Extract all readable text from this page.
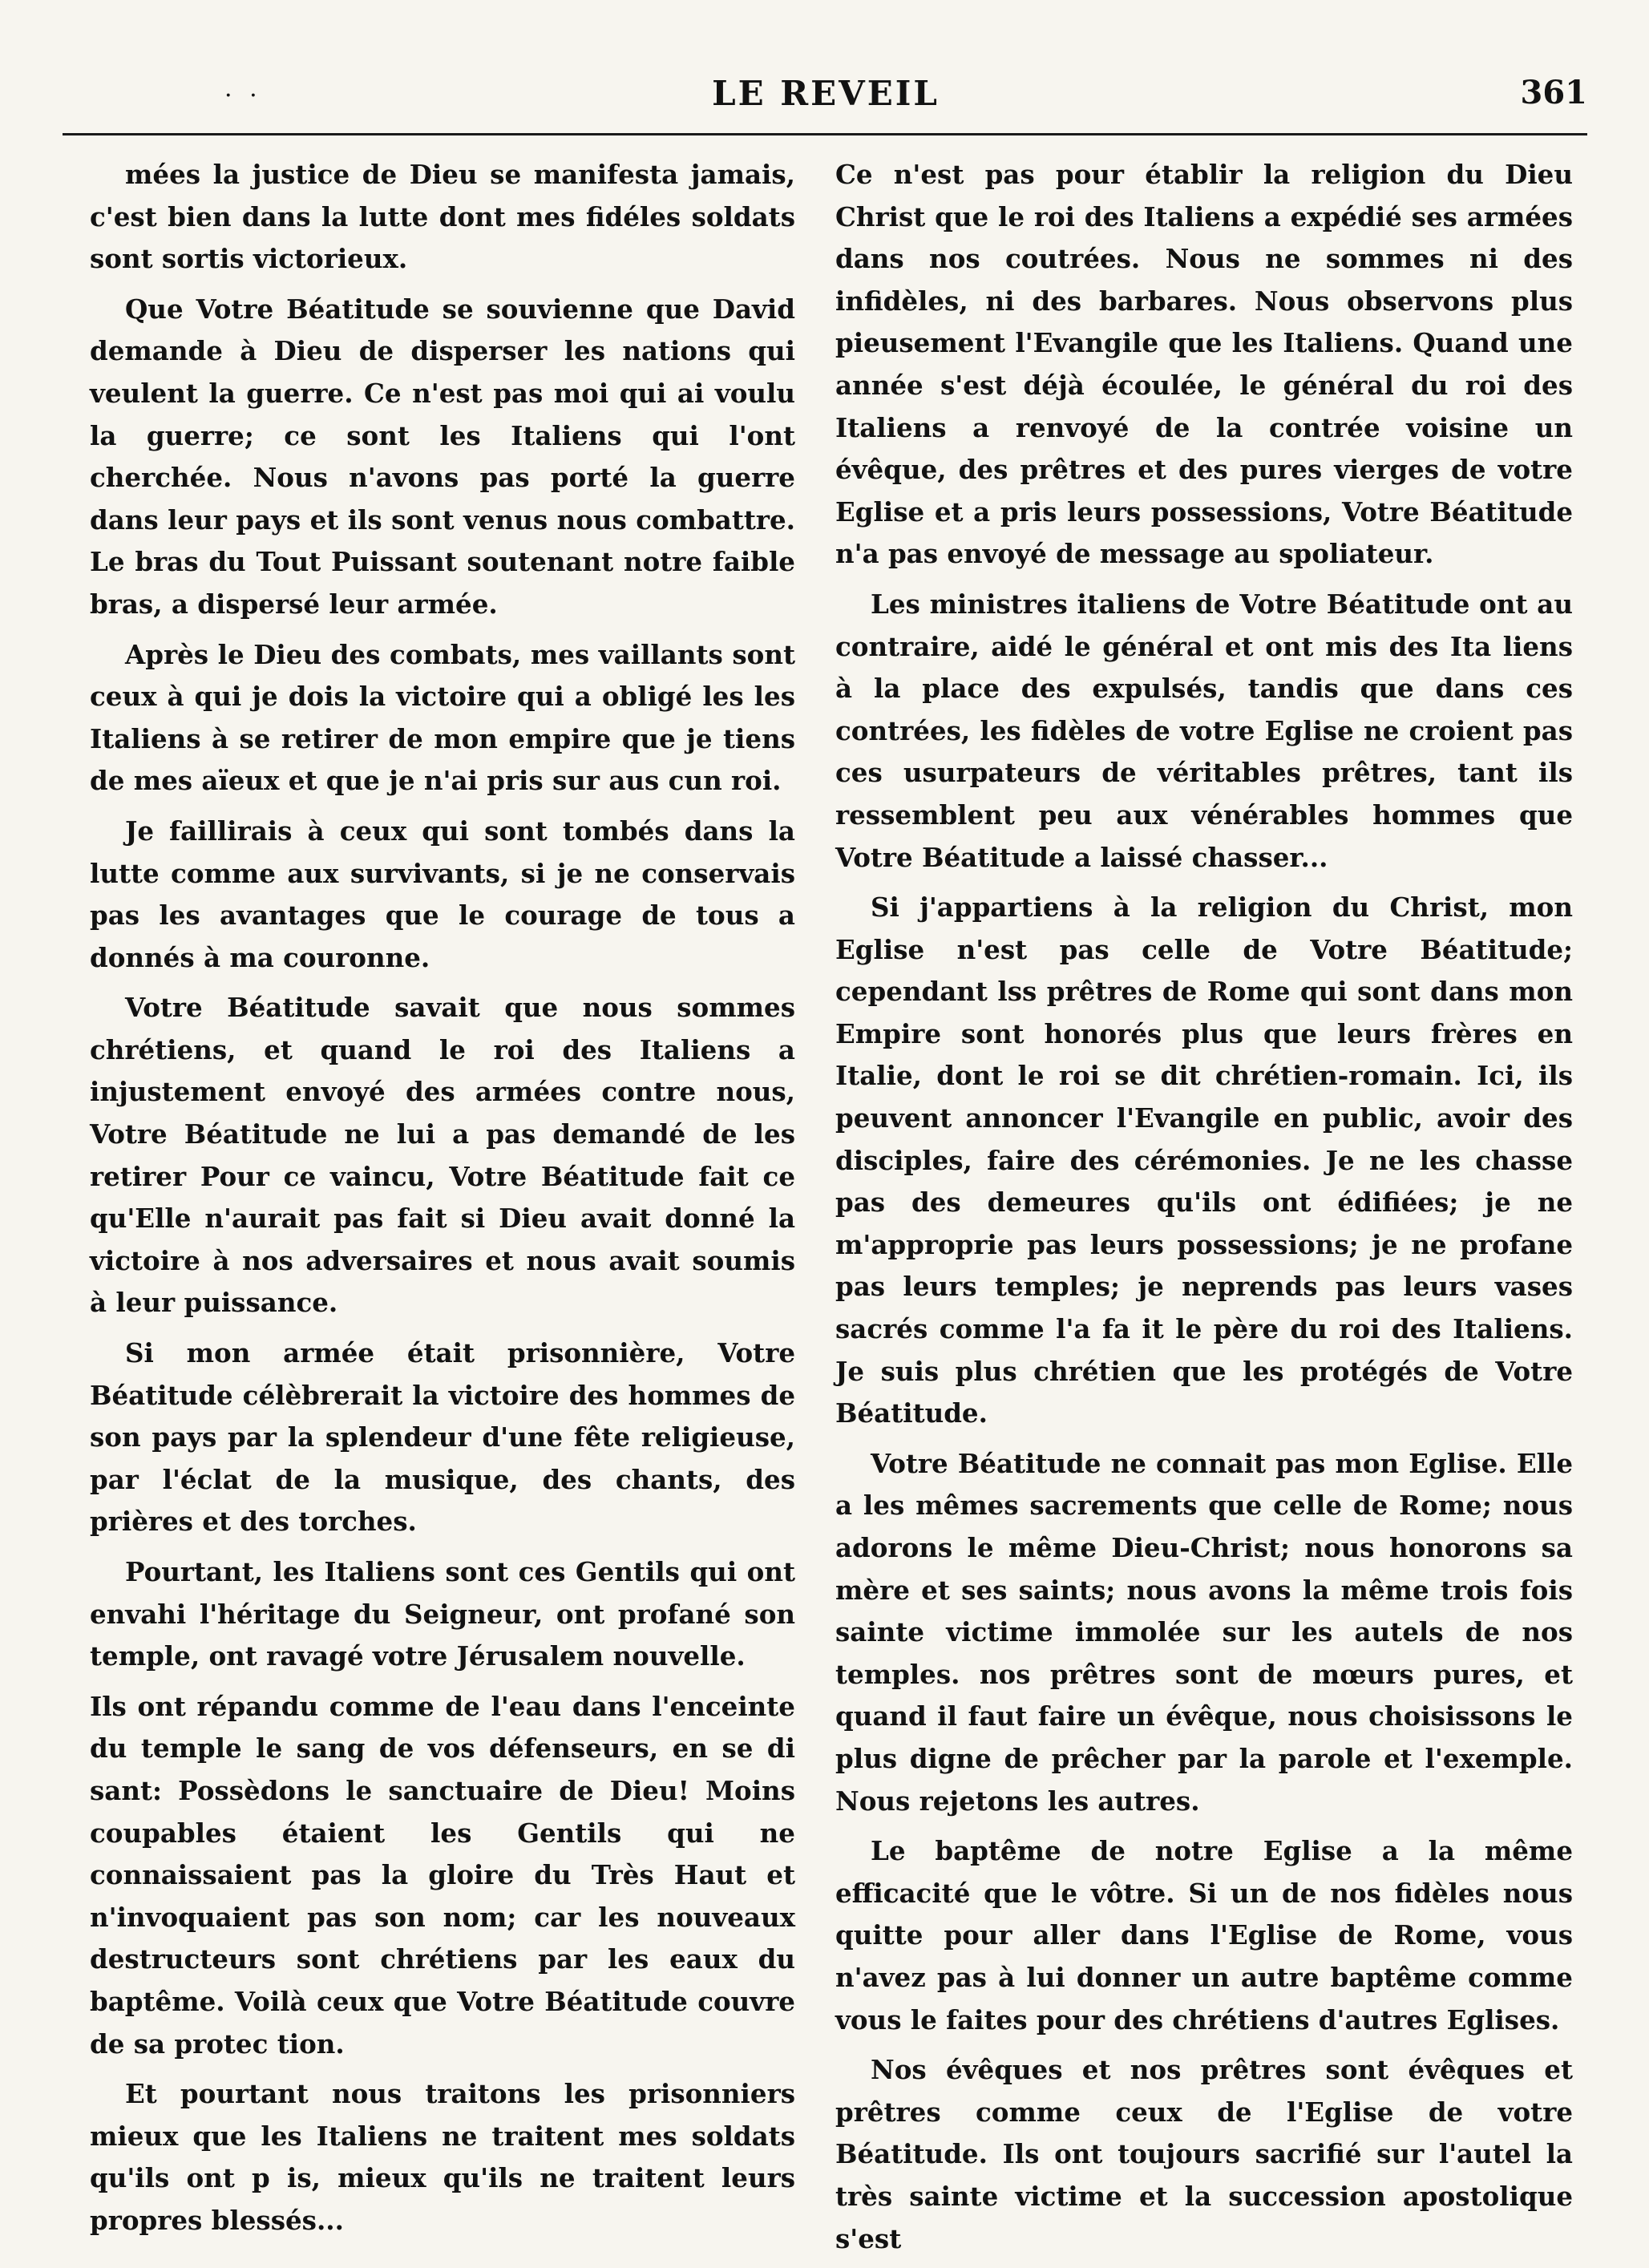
· ·	LE REVEIL	361

mées la justice de Dieu se manifesta jamais, c'est bien dans la lutte dont mes fidéles soldats sont sortis victorieux.

Que Votre Béatitude se souvienne que David demande à Dieu de disperser les nations qui veulent la guerre. Ce n'est pas moi qui ai voulu la guerre; ce sont les Italiens qui l'ont cherchée. Nous n'avons pas porté la guerre dans leur pays et ils sont venus nous combattre. Le bras du Tout Puissant soutenant notre faible bras, a dispersé leur armée.

Après le Dieu des combats, mes vaillants sont ceux à qui je dois la victoire qui a obligé les les Italiens à se retirer de mon empire que je tiens de mes aïeux et que je n'ai pris sur aus cun roi.

Je faillirais à ceux qui sont tombés dans la lutte comme aux survivants, si je ne conservais pas les avantages que le courage de tous a donnés à ma couronne.

Votre Béatitude savait que nous sommes chrétiens, et quand le roi des Italiens a injustement envoyé des armées contre nous, Votre Béatitude ne lui a pas demandé de les retirer Pour ce vaincu, Votre Béatitude fait ce qu'Elle n'aurait pas fait si Dieu avait donné la victoire à nos adversaires et nous avait soumis à leur puissance.

Si mon armée était prisonnière, Votre Béatitude célèbrerait la victoire des hommes de son pays par la splendeur d'une fête religieuse, par l'éclat de la musique, des chants, des prières et des torches.

Pourtant, les Italiens sont ces Gentils qui ont envahi l'héritage du Seigneur, ont profané son temple, ont ravagé votre Jérusalem nouvelle.

Ils ont répandu comme de l'eau dans l'enceinte du temple le sang de vos défenseurs, en se di sant: Possèdons le sanctuaire de Dieu! Moins coupables étaient les Gentils qui ne connaissaient pas la gloire du Très Haut et n'invoquaient pas son nom; car les nouveaux destructeurs sont chrétiens par les eaux du baptême. Voilà ceux que Votre Béatitude couvre de sa protec tion.

Et pourtant nous traitons les prisonniers mieux que les Italiens ne traitent mes soldats qu'ils ont p is, mieux qu'ils ne traitent leurs propres blessés...

Ce n'est pas pour établir la religion du Dieu Christ que le roi des Italiens a expédié ses armées dans nos coutrées. Nous ne sommes ni des infidèles, ni des barbares. Nous observons plus pieusement l'Evangile que les Italiens. Quand une année s'est déjà écoulée, le général du roi des Italiens a renvoyé de la contrée voisine un évêque, des prêtres et des pures vierges de votre Eglise et a pris leurs possessions, Votre Béatitude n'a pas envoyé de message au spoliateur.

Les ministres italiens de Votre Béatitude ont au contraire, aidé le général et ont mis des Ita liens à la place des expulsés, tandis que dans ces contrées, les fidèles de votre Eglise ne croient pas ces usurpateurs de véritables prêtres, tant ils ressemblent peu aux vénérables hommes que Votre Béatitude a laissé chasser...

Si j'appartiens à la religion du Christ, mon Eglise n'est pas celle de Votre Béatitude; cependant lss prêtres de Rome qui sont dans mon Empire sont honorés plus que leurs frères en Italie, dont le roi se dit chrétien-romain. Ici, ils peuvent annoncer l'Evangile en public, avoir des disciples, faire des cérémonies. Je ne les chasse pas des demeures qu'ils ont édifiées; je ne m'approprie pas leurs possessions; je ne profane pas leurs temples; je neprends pas leurs vases sacrés comme l'a fa it le père du roi des Italiens. Je suis plus chrétien que les protégés de Votre Béatitude.

Votre Béatitude ne connait pas mon Eglise. Elle a les mêmes sacrements que celle de Rome; nous adorons le même Dieu-Christ; nous honorons sa mère et ses saints; nous avons la même trois fois sainte victime immolée sur les autels de nos temples. nos prêtres sont de mœurs pures, et quand il faut faire un évêque, nous choisissons le plus digne de prêcher par la parole et l'exemple. Nous rejetons les autres.

Le baptême de notre Eglise a la même efficacité que le vôtre. Si un de nos fidèles nous quitte pour aller dans l'Eglise de Rome, vous n'avez pas à lui donner un autre baptême comme vous le faites pour des chrétiens d'autres Eglises.

Nos évêques et nos prêtres sont évêques et prêtres comme ceux de l'Eglise de votre Béatitude. Ils ont toujours sacrifié sur l'autel la très sainte victime et la succession apostolique s'est
